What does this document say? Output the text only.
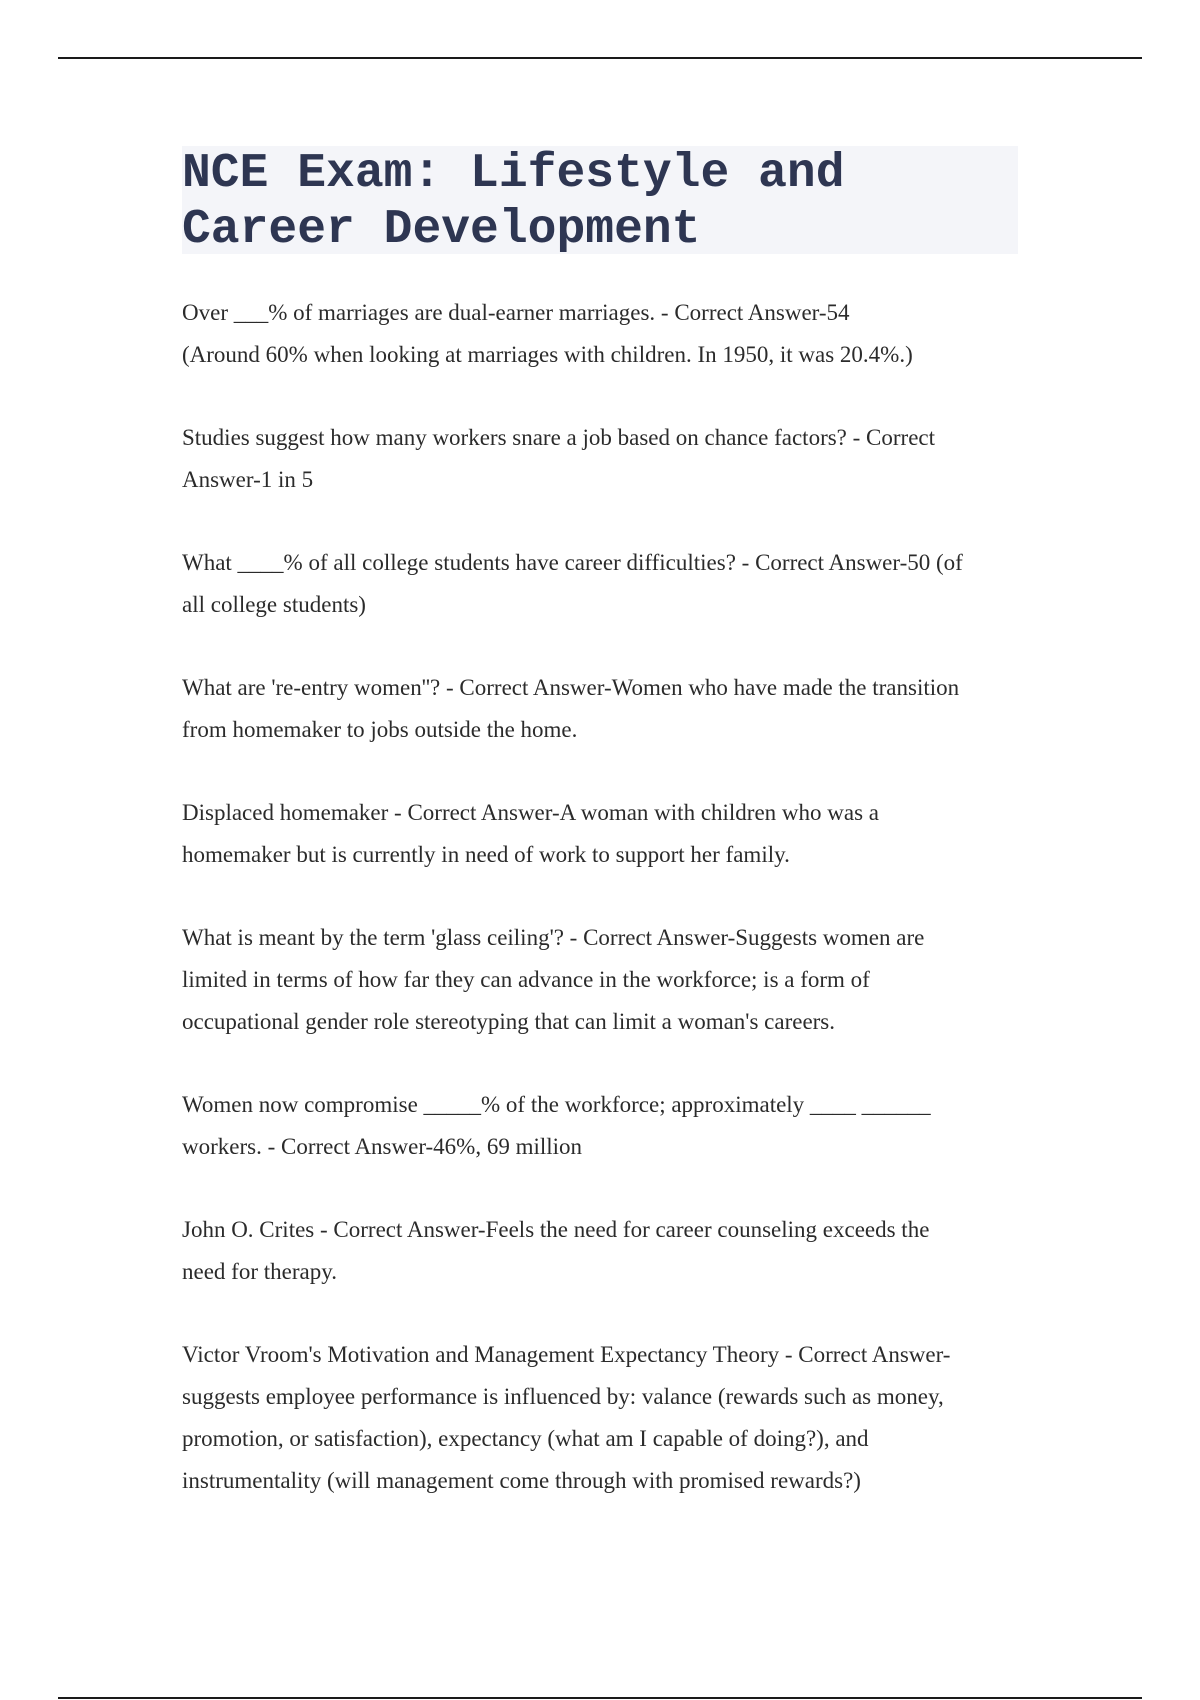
NCE Exam: Lifestyle and
Career Development

Over ___% of marriages are dual-earner marriages. - Correct Answer-54
(Around 60% when looking at marriages with children. In 1950, it was 20.4%.)

Studies suggest how many workers snare a job based on chance factors? - Correct
Answer-1 in 5

What ____% of all college students have career difficulties? - Correct Answer-50 (of
all college students)

What are 're-entry women''? - Correct Answer-Women who have made the transition
from homemaker to jobs outside the home.

Displaced homemaker - Correct Answer-A woman with children who was a
homemaker but is currently in need of work to support her family.

What is meant by the term 'glass ceiling'? - Correct Answer-Suggests women are
limited in terms of how far they can advance in the workforce; is a form of
occupational gender role stereotyping that can limit a woman's careers.

Women now compromise _____% of the workforce; approximately ____ ______
workers. - Correct Answer-46%, 69 million

John O. Crites - Correct Answer-Feels the need for career counseling exceeds the
need for therapy.

Victor Vroom's Motivation and Management Expectancy Theory - Correct Answer-
suggests employee performance is influenced by: valance (rewards such as money,
promotion, or satisfaction), expectancy (what am I capable of doing?), and
instrumentality (will management come through with promised rewards?)
